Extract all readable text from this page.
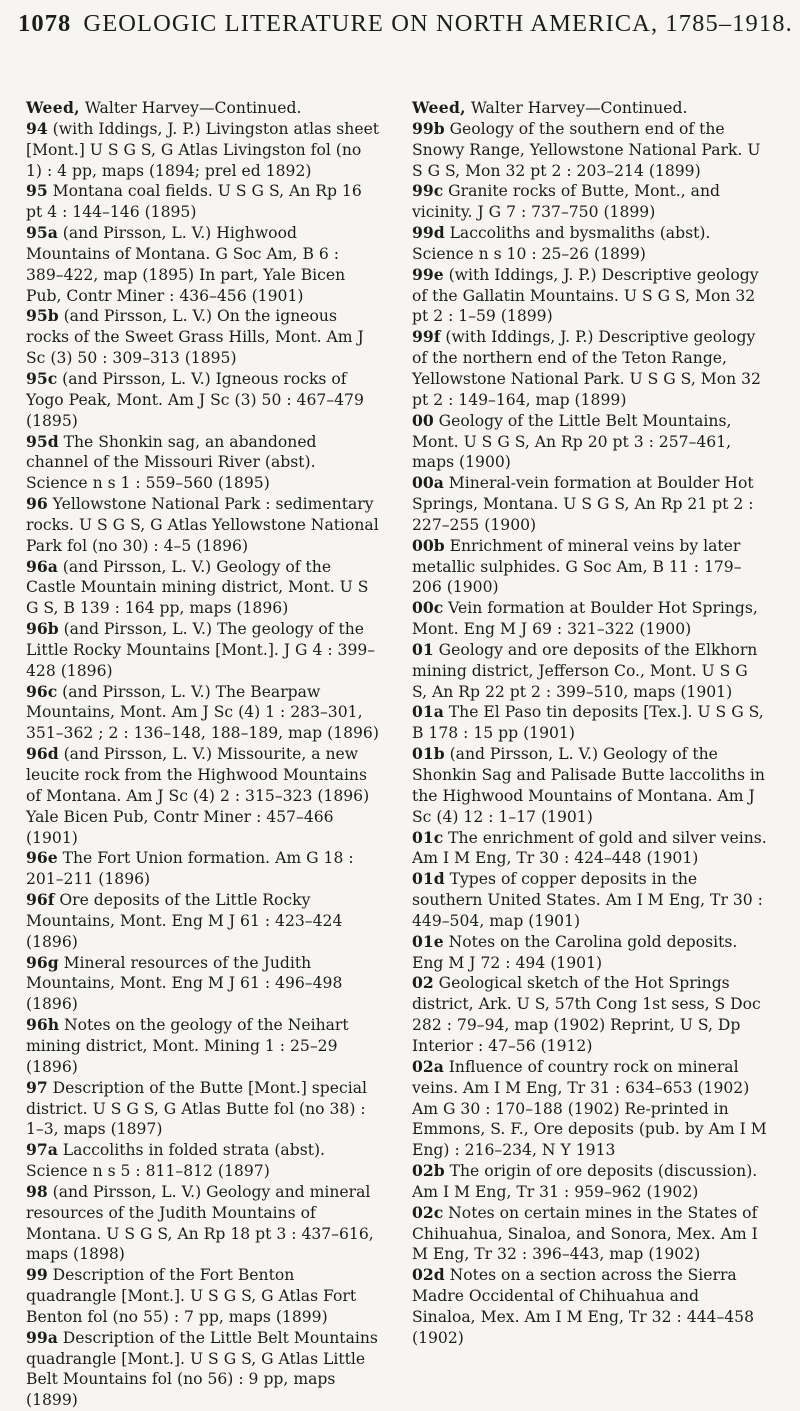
1078 GEOLOGIC LITERATURE ON NORTH AMERICA, 1785–1918.

Weed, Walter Harvey—Continued.

94 (with Iddings, J. P.) Livingston atlas sheet [Mont.] U S G S, G Atlas Livingston fol (no 1) : 4 pp, maps (1894; prel ed 1892)

95 Montana coal fields. U S G S, An Rp 16 pt 4 : 144–146 (1895)

95a (and Pirsson, L. V.) Highwood Mountains of Montana. G Soc Am, B 6 : 389–422, map (1895) In part, Yale Bicen Pub, Contr Miner : 436–456 (1901)

95b (and Pirsson, L. V.) On the igneous rocks of the Sweet Grass Hills, Mont. Am J Sc (3) 50 : 309–313 (1895)

95c (and Pirsson, L. V.) Igneous rocks of Yogo Peak, Mont. Am J Sc (3) 50 : 467–479 (1895)

95d The Shonkin sag, an abandoned channel of the Missouri River (abst). Science n s 1 : 559–560 (1895)

96 Yellowstone National Park : sedimentary rocks. U S G S, G Atlas Yellowstone National Park fol (no 30) : 4–5 (1896)

96a (and Pirsson, L. V.) Geology of the Castle Mountain mining district, Mont. U S G S, B 139 : 164 pp, maps (1896)

96b (and Pirsson, L. V.) The geology of the Little Rocky Mountains [Mont.]. J G 4 : 399–428 (1896)

96c (and Pirsson, L. V.) The Bearpaw Mountains, Mont. Am J Sc (4) 1 : 283–301, 351–362 ; 2 : 136–148, 188–189, map (1896)

96d (and Pirsson, L. V.) Missourite, a new leucite rock from the Highwood Mountains of Montana. Am J Sc (4) 2 : 315–323 (1896) Yale Bicen Pub, Contr Miner : 457–466 (1901)

96e The Fort Union formation. Am G 18 : 201–211 (1896)

96f Ore deposits of the Little Rocky Mountains, Mont. Eng M J 61 : 423–424 (1896)

96g Mineral resources of the Judith Mountains, Mont. Eng M J 61 : 496–498 (1896)

96h Notes on the geology of the Neihart mining district, Mont. Mining 1 : 25–29 (1896)

97 Description of the Butte [Mont.] special district. U S G S, G Atlas Butte fol (no 38) : 1–3, maps (1897)

97a Laccoliths in folded strata (abst). Science n s 5 : 811–812 (1897)

98 (and Pirsson, L. V.) Geology and mineral resources of the Judith Mountains of Montana. U S G S, An Rp 18 pt 3 : 437–616, maps (1898)

99 Description of the Fort Benton quadrangle [Mont.]. U S G S, G Atlas Fort Benton fol (no 55) : 7 pp, maps (1899)

99a Description of the Little Belt Mountains quadrangle [Mont.]. U S G S, G Atlas Little Belt Mountains fol (no 56) : 9 pp, maps (1899)

Weed, Walter Harvey—Continued.

99b Geology of the southern end of the Snowy Range, Yellowstone National Park. U S G S, Mon 32 pt 2 : 203–214 (1899)

99c Granite rocks of Butte, Mont., and vicinity. J G 7 : 737–750 (1899)

99d Laccoliths and bysmaliths (abst). Science n s 10 : 25–26 (1899)

99e (with Iddings, J. P.) Descriptive geology of the Gallatin Mountains. U S G S, Mon 32 pt 2 : 1–59 (1899)

99f (with Iddings, J. P.) Descriptive geology of the northern end of the Teton Range, Yellowstone National Park. U S G S, Mon 32 pt 2 : 149–164, map (1899)

00 Geology of the Little Belt Mountains, Mont. U S G S, An Rp 20 pt 3 : 257–461, maps (1900)

00a Mineral-vein formation at Boulder Hot Springs, Montana. U S G S, An Rp 21 pt 2 : 227–255 (1900)

00b Enrichment of mineral veins by later metallic sulphides. G Soc Am, B 11 : 179–206 (1900)

00c Vein formation at Boulder Hot Springs, Mont. Eng M J 69 : 321–322 (1900)

01 Geology and ore deposits of the Elkhorn mining district, Jefferson Co., Mont. U S G S, An Rp 22 pt 2 : 399–510, maps (1901)

01a The El Paso tin deposits [Tex.]. U S G S, B 178 : 15 pp (1901)

01b (and Pirsson, L. V.) Geology of the Shonkin Sag and Palisade Butte laccoliths in the Highwood Mountains of Montana. Am J Sc (4) 12 : 1–17 (1901)

01c The enrichment of gold and silver veins. Am I M Eng, Tr 30 : 424–448 (1901)

01d Types of copper deposits in the southern United States. Am I M Eng, Tr 30 : 449–504, map (1901)

01e Notes on the Carolina gold deposits. Eng M J 72 : 494 (1901)

02 Geological sketch of the Hot Springs district, Ark. U S, 57th Cong 1st sess, S Doc 282 : 79–94, map (1902) Reprint, U S, Dp Interior : 47–56 (1912)

02a Influence of country rock on mineral veins. Am I M Eng, Tr 31 : 634–653 (1902) Am G 30 : 170–188 (1902) Re-printed in Emmons, S. F., Ore deposits (pub. by Am I M Eng) : 216–234, N Y 1913

02b The origin of ore deposits (discussion). Am I M Eng, Tr 31 : 959–962 (1902)

02c Notes on certain mines in the States of Chihuahua, Sinaloa, and Sonora, Mex. Am I M Eng, Tr 32 : 396–443, map (1902)

02d Notes on a section across the Sierra Madre Occidental of Chihuahua and Sinaloa, Mex. Am I M Eng, Tr 32 : 444–458 (1902)
